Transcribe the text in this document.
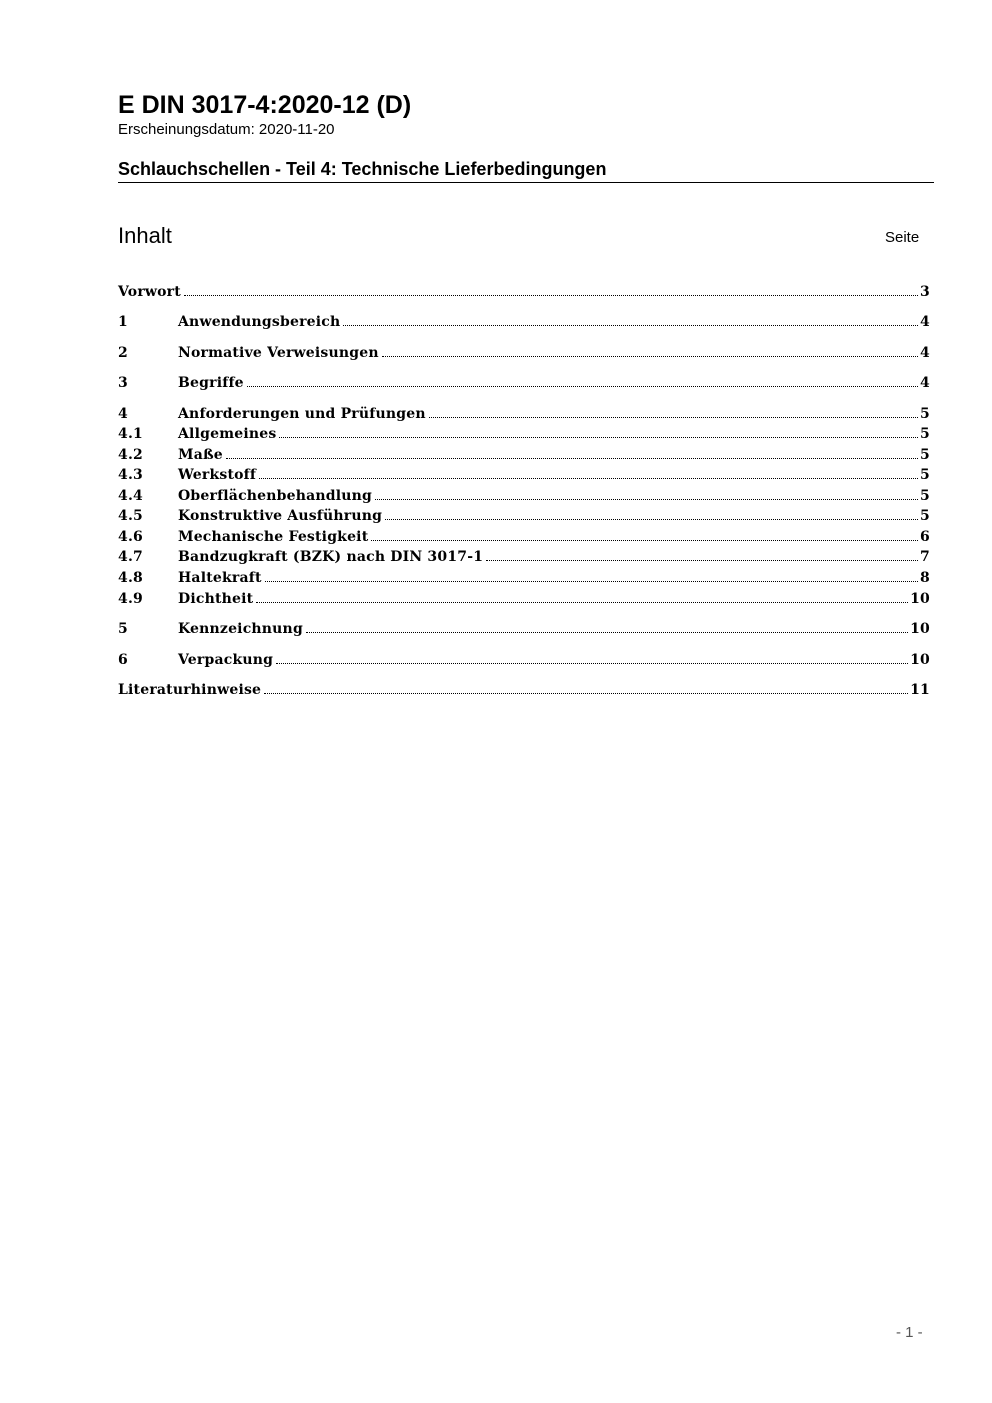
E DIN 3017-4:2020-12 (D)
Erscheinungsdatum: 2020-11-20
Schlauchschellen - Teil 4: Technische Lieferbedingungen
Inhalt	Seite
Vorwort	3
1	Anwendungsbereich	4
2	Normative Verweisungen	4
3	Begriffe	4
4	Anforderungen und Prüfungen	5
4.1	Allgemeines	5
4.2	Maße	5
4.3	Werkstoff	5
4.4	Oberflächenbehandlung	5
4.5	Konstruktive Ausführung	5
4.6	Mechanische Festigkeit	6
4.7	Bandzugkraft (BZK) nach DIN 3017-1	7
4.8	Haltekraft	8
4.9	Dichtheit	10
5	Kennzeichnung	10
6	Verpackung	10
Literaturhinweise	11
- 1 -
